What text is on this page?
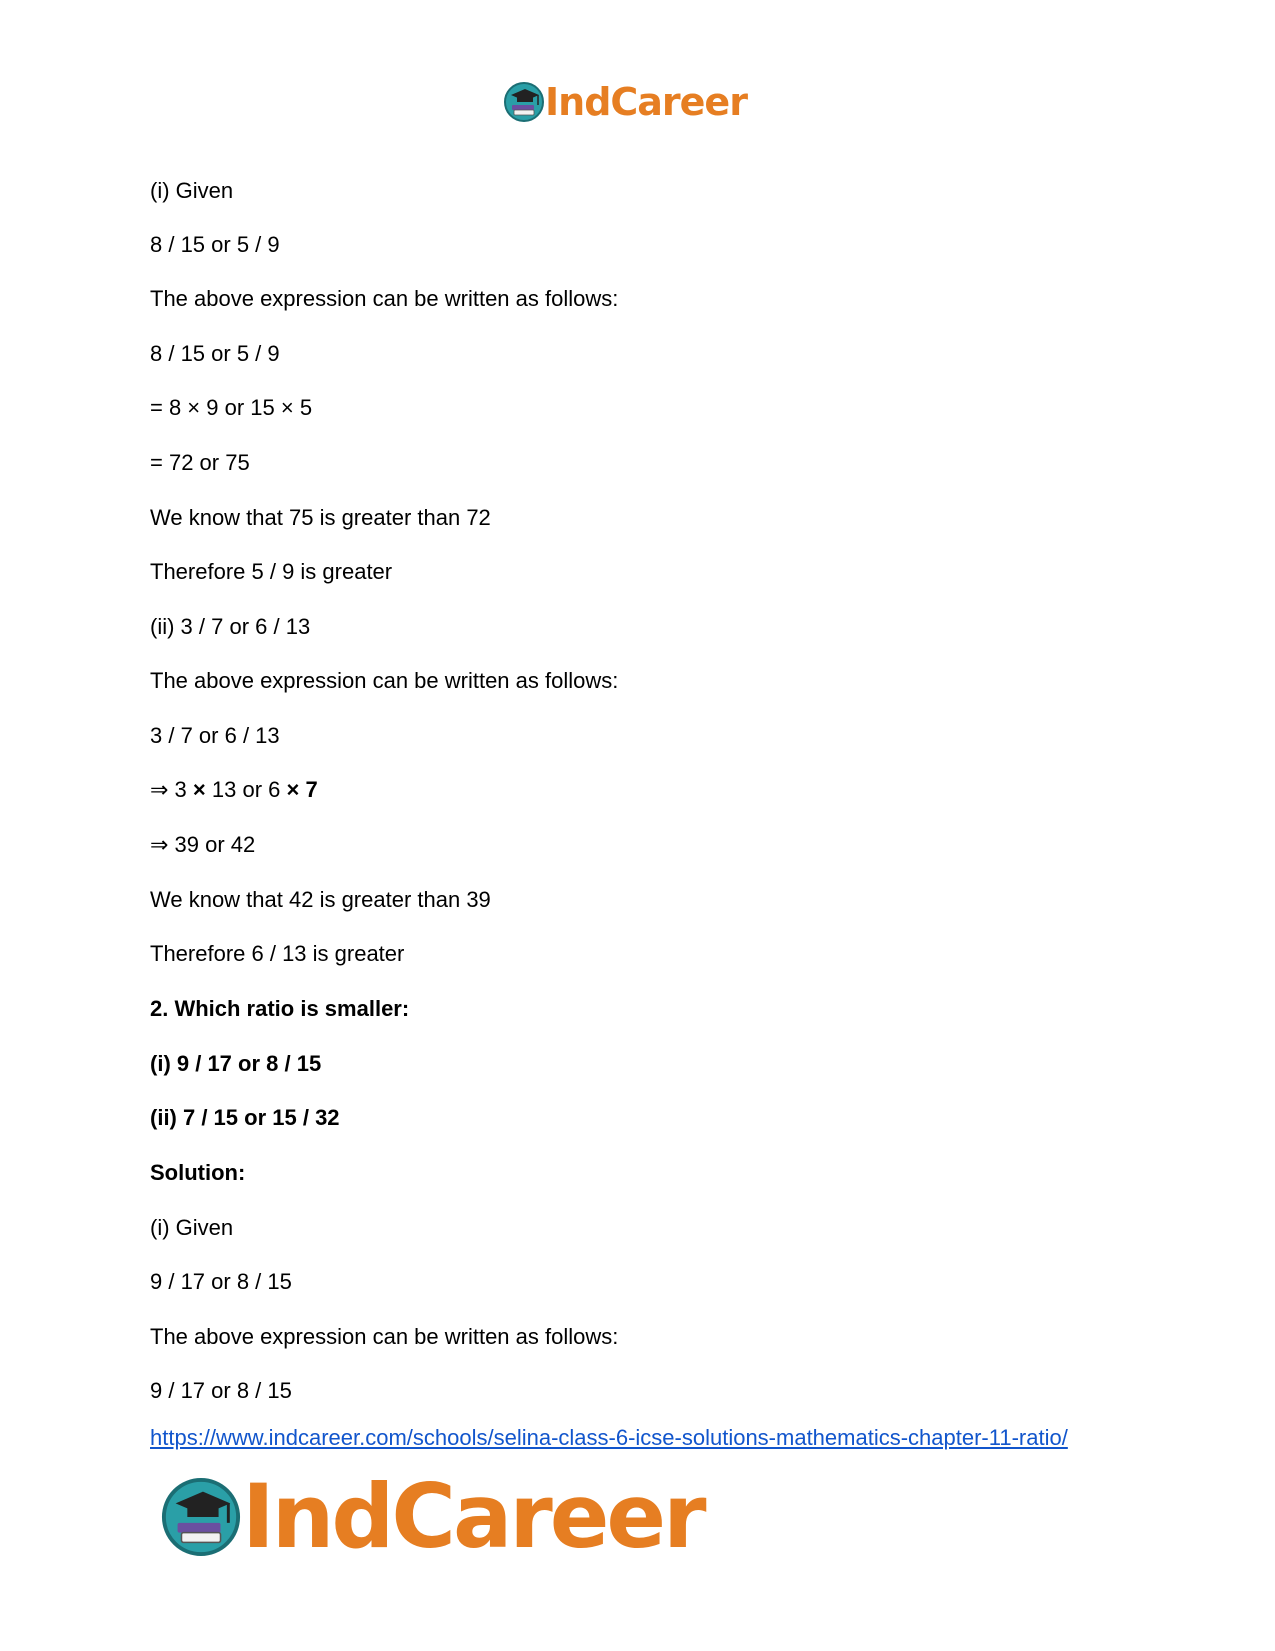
IndCareer
(i) Given
8 / 15 or 5 / 9
The above expression can be written as follows:
8 / 15 or 5 / 9
= 8 × 9 or 15 × 5
= 72 or 75
We know that 75 is greater than 72
Therefore 5 / 9 is greater
(ii) 3 / 7 or 6 / 13
The above expression can be written as follows:
3 / 7 or 6 / 13
⇒ 3 × 13 or 6 × 7
⇒ 39 or 42
We know that 42 is greater than 39
Therefore 6 / 13 is greater
2. Which ratio is smaller:
(i) 9 / 17 or 8 / 15
(ii) 7 / 15 or 15 / 32
Solution:
(i) Given
9 / 17 or 8 / 15
The above expression can be written as follows:
9 / 17 or 8 / 15
https://www.indcareer.com/schools/selina-class-6-icse-solutions-mathematics-chapter-11-ratio/
IndCareer
